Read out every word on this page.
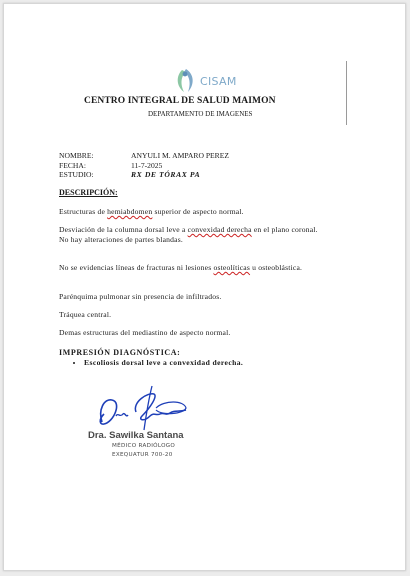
CISAM
CENTRO INTEGRAL DE SALUD MAIMON
DEPARTAMENTO DE IMAGENES
NOMBRE:	ANYULI M. AMPARO PEREZ
FECHA:	11-7-2025
ESTUDIO:	RX DE TÓRAX PA
DESCRIPCIÓN:
Estructuras de hemiabdomen superior de aspecto normal.
Desviación de la columna dorsal leve a convexidad derecha en el plano coronal.
No hay alteraciones de partes blandas.
No se evidencias líneas de fracturas ni lesiones osteolíticas u osteoblástica.
Parénquima pulmonar sin presencia de infiltrados.
Tráquea central.
Demas estructuras del mediastino de aspecto normal.
IMPRESIÓN DIAGNÓSTICA:
• Escoliosis dorsal leve a convexidad derecha.
Dra. Sawilka Santana
MÉDICO RADIÓLOGO
EXEQUATUR 700-20
